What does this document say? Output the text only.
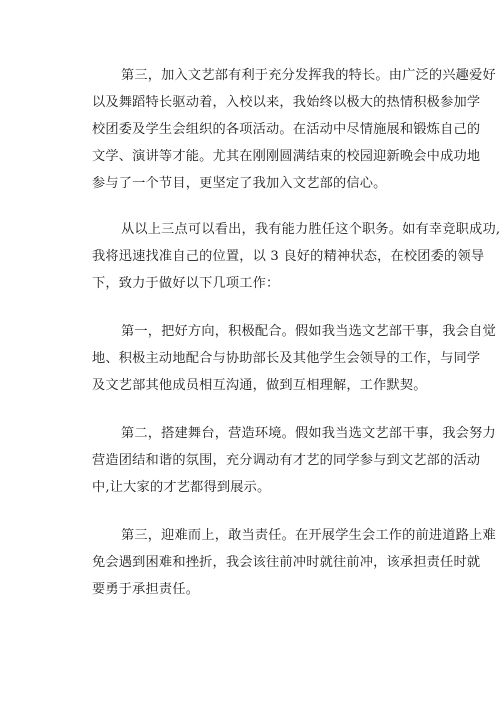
第三，加入文艺部有利于充分发挥我的特长。由广泛的兴趣爱好
以及舞蹈特长驱动着，入校以来，我始终以极大的热情积极参加学
校团委及学生会组织的各项活动。在活动中尽情施展和锻炼自己的
文学、演讲等才能。尤其在刚刚圆满结束的校园迎新晚会中成功地
参与了一个节目，更坚定了我加入文艺部的信心。

从以上三点可以看出，我有能力胜任这个职务。如有幸竞职成功,
我将迅速找准自己的位置，以 3 良好的精神状态，在校团委的领导
下，致力于做好以下几项工作：

第一，把好方向，积极配合。假如我当选文艺部干事，我会自觉
地、积极主动地配合与协助部长及其他学生会领导的工作，与同学
及文艺部其他成员相互沟通，做到互相理解，工作默契。

第二，搭建舞台，营造环境。假如我当选文艺部干事，我会努力
营造团结和谐的氛围，充分调动有才艺的同学参与到文艺部的活动
中,让大家的才艺都得到展示。

第三，迎难而上，敢当责任。在开展学生会工作的前进道路上难
免会遇到困难和挫折，我会该往前冲时就往前冲，该承担责任时就
要勇于承担责任。
